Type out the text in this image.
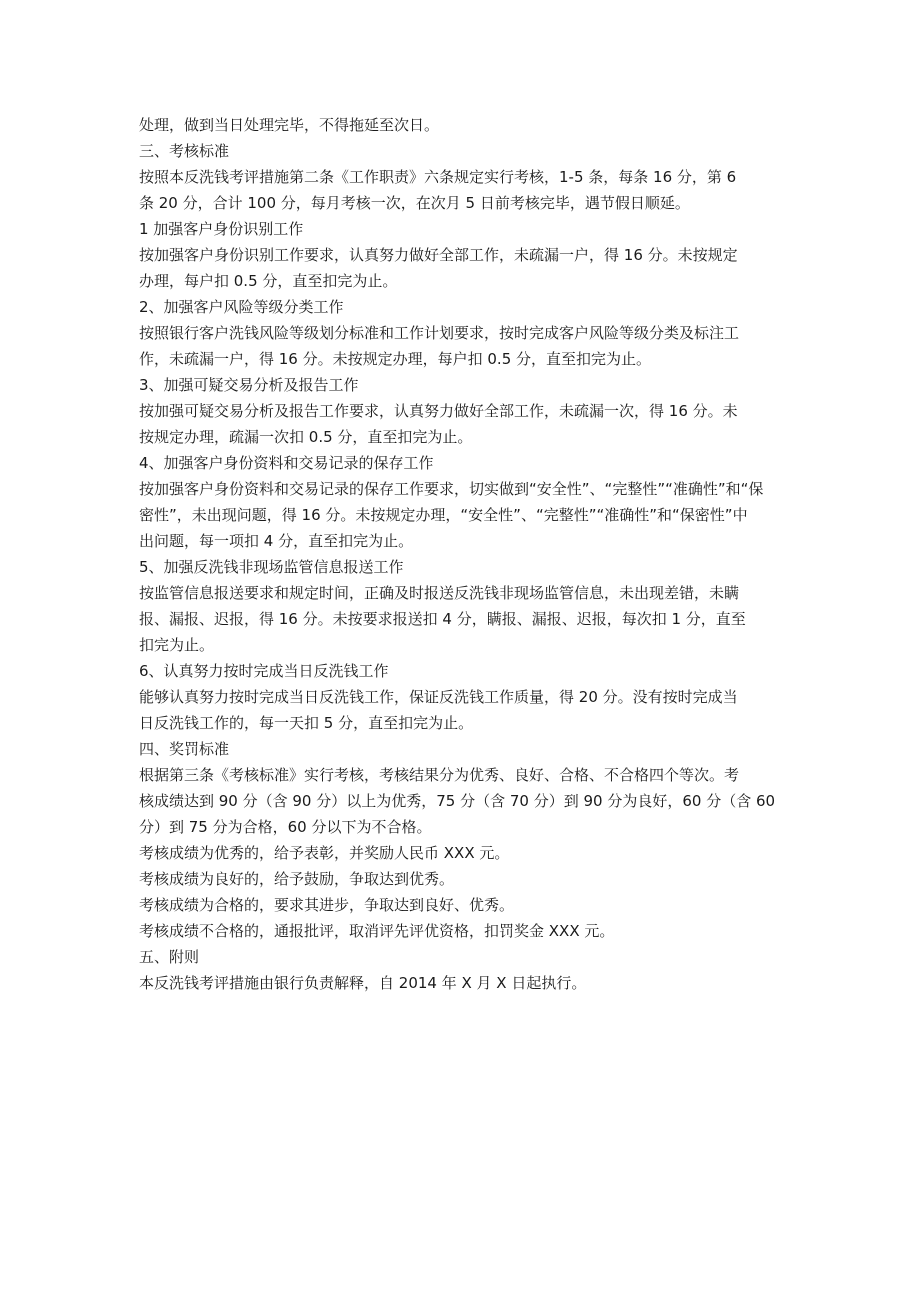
处理，做到当日处理完毕，不得拖延至次日。

三、考核标准

按照本反洗钱考评措施第二条《工作职责》六条规定实行考核，1-5 条，每条 16 分，第 6

条 20 分，合计 100 分，每月考核一次，在次月 5 日前考核完毕，遇节假日顺延。

1 加强客户身份识别工作

按加强客户身份识别工作要求，认真努力做好全部工作，未疏漏一户，得 16 分。未按规定

办理，每户扣 0.5 分，直至扣完为止。

2、加强客户风险等级分类工作

按照银行客户洗钱风险等级划分标准和工作计划要求，按时完成客户风险等级分类及标注工

作，未疏漏一户，得 16 分。未按规定办理，每户扣 0.5 分，直至扣完为止。

3、加强可疑交易分析及报告工作

按加强可疑交易分析及报告工作要求，认真努力做好全部工作，未疏漏一次，得 16 分。未

按规定办理，疏漏一次扣 0.5 分，直至扣完为止。

4、加强客户身份资料和交易记录的保存工作

按加强客户身份资料和交易记录的保存工作要求，切实做到“安全性”、“完整性”“准确性”和“保

密性”，未出现问题，得 16 分。未按规定办理，“安全性”、“完整性”“准确性”和“保密性”中

出问题，每一项扣 4 分，直至扣完为止。

5、加强反洗钱非现场监管信息报送工作

按监管信息报送要求和规定时间，正确及时报送反洗钱非现场监管信息，未出现差错，未瞒

报、漏报、迟报，得 16 分。未按要求报送扣 4 分，瞒报、漏报、迟报，每次扣 1 分，直至

扣完为止。

6、认真努力按时完成当日反洗钱工作

能够认真努力按时完成当日反洗钱工作，保证反洗钱工作质量，得 20 分。没有按时完成当

日反洗钱工作的，每一天扣 5 分，直至扣完为止。

四、奖罚标准

根据第三条《考核标准》实行考核，考核结果分为优秀、良好、合格、不合格四个等次。考

核成绩达到 90 分（含 90 分）以上为优秀，75 分（含 70 分）到 90 分为良好，60 分（含 60

分）到 75 分为合格，60 分以下为不合格。

考核成绩为优秀的，给予表彰，并奖励人民币 XXX 元。

考核成绩为良好的，给予鼓励，争取达到优秀。

考核成绩为合格的，要求其进步，争取达到良好、优秀。

考核成绩不合格的，通报批评，取消评先评优资格，扣罚奖金 XXX 元。

五、附则

本反洗钱考评措施由银行负责解释，自 2014 年 X 月 X 日起执行。
